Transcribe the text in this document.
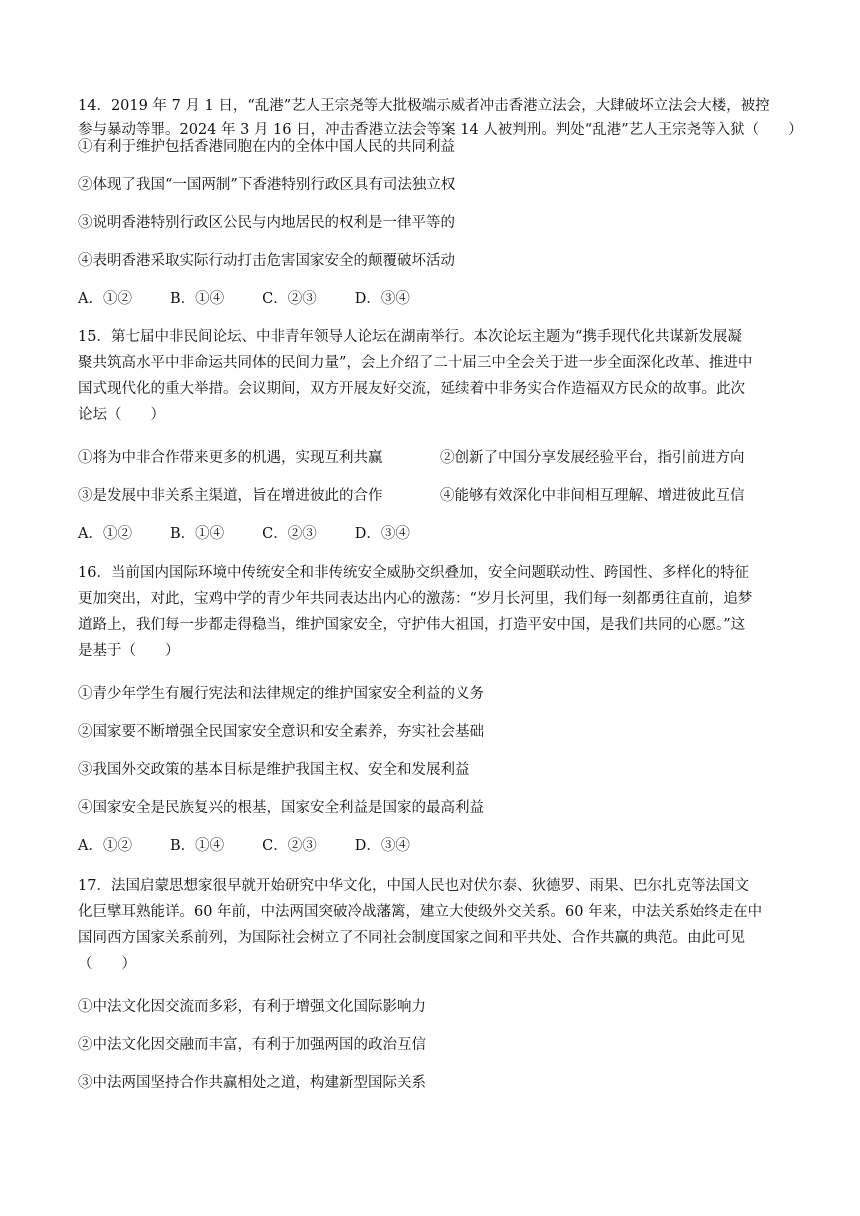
14．2019 年 7 月 1 日，“乱港”艺人王宗尧等大批极端示威者冲击香港立法会，大肆破坏立法会大楼，被控
参与暴动等罪。2024 年 3 月 16 日，冲击香港立法会等案 14 人被判刑。判处“乱港”艺人王宗尧等入狱（　　）
①有利于维护包括香港同胞在内的全体中国人民的共同利益
②体现了我国“一国两制”下香港特别行政区具有司法独立权
③说明香港特别行政区公民与内地居民的权利是一律平等的
④表明香港采取实际行动打击危害国家安全的颠覆破坏活动
A．①②	B．①④	C．②③	D．③④
15．第七届中非民间论坛、中非青年领导人论坛在湖南举行。本次论坛主题为“携手现代化共谋新发展凝
聚共筑高水平中非命运共同体的民间力量”，会上介绍了二十届三中全会关于进一步全面深化改革、推进中
国式现代化的重大举措。会议期间，双方开展友好交流，延续着中非务实合作造福双方民众的故事。此次
论坛（　　）
①将为中非合作带来更多的机遇，实现互利共赢	②创新了中国分享发展经验平台，指引前进方向
③是发展中非关系主渠道，旨在增进彼此的合作	④能够有效深化中非间相互理解、增进彼此互信
A．①②	B．①④	C．②③	D．③④
16．当前国内国际环境中传统安全和非传统安全威胁交织叠加，安全问题联动性、跨国性、多样化的特征
更加突出，对此，宝鸡中学的青少年共同表达出内心的激荡：“岁月长河里，我们每一刻都勇往直前，追梦
道路上，我们每一步都走得稳当，维护国家安全，守护伟大祖国，打造平安中国，是我们共同的心愿。”这
是基于（　　）
①青少年学生有履行宪法和法律规定的维护国家安全利益的义务
②国家要不断增强全民国家安全意识和安全素养，夯实社会基础
③我国外交政策的基本目标是维护我国主权、安全和发展利益
④国家安全是民族复兴的根基，国家安全利益是国家的最高利益
A．①②	B．①④	C．②③	D．③④
17．法国启蒙思想家很早就开始研究中华文化，中国人民也对伏尔泰、狄德罗、雨果、巴尔扎克等法国文
化巨擘耳熟能详。60 年前，中法两国突破冷战藩篱，建立大使级外交关系。60 年来，中法关系始终走在中
国同西方国家关系前列，为国际社会树立了不同社会制度国家之间和平共处、合作共赢的典范。由此可见
（　　）
①中法文化因交流而多彩，有利于增强文化国际影响力
②中法文化因交融而丰富，有利于加强两国的政治互信
③中法两国坚持合作共赢相处之道，构建新型国际关系
